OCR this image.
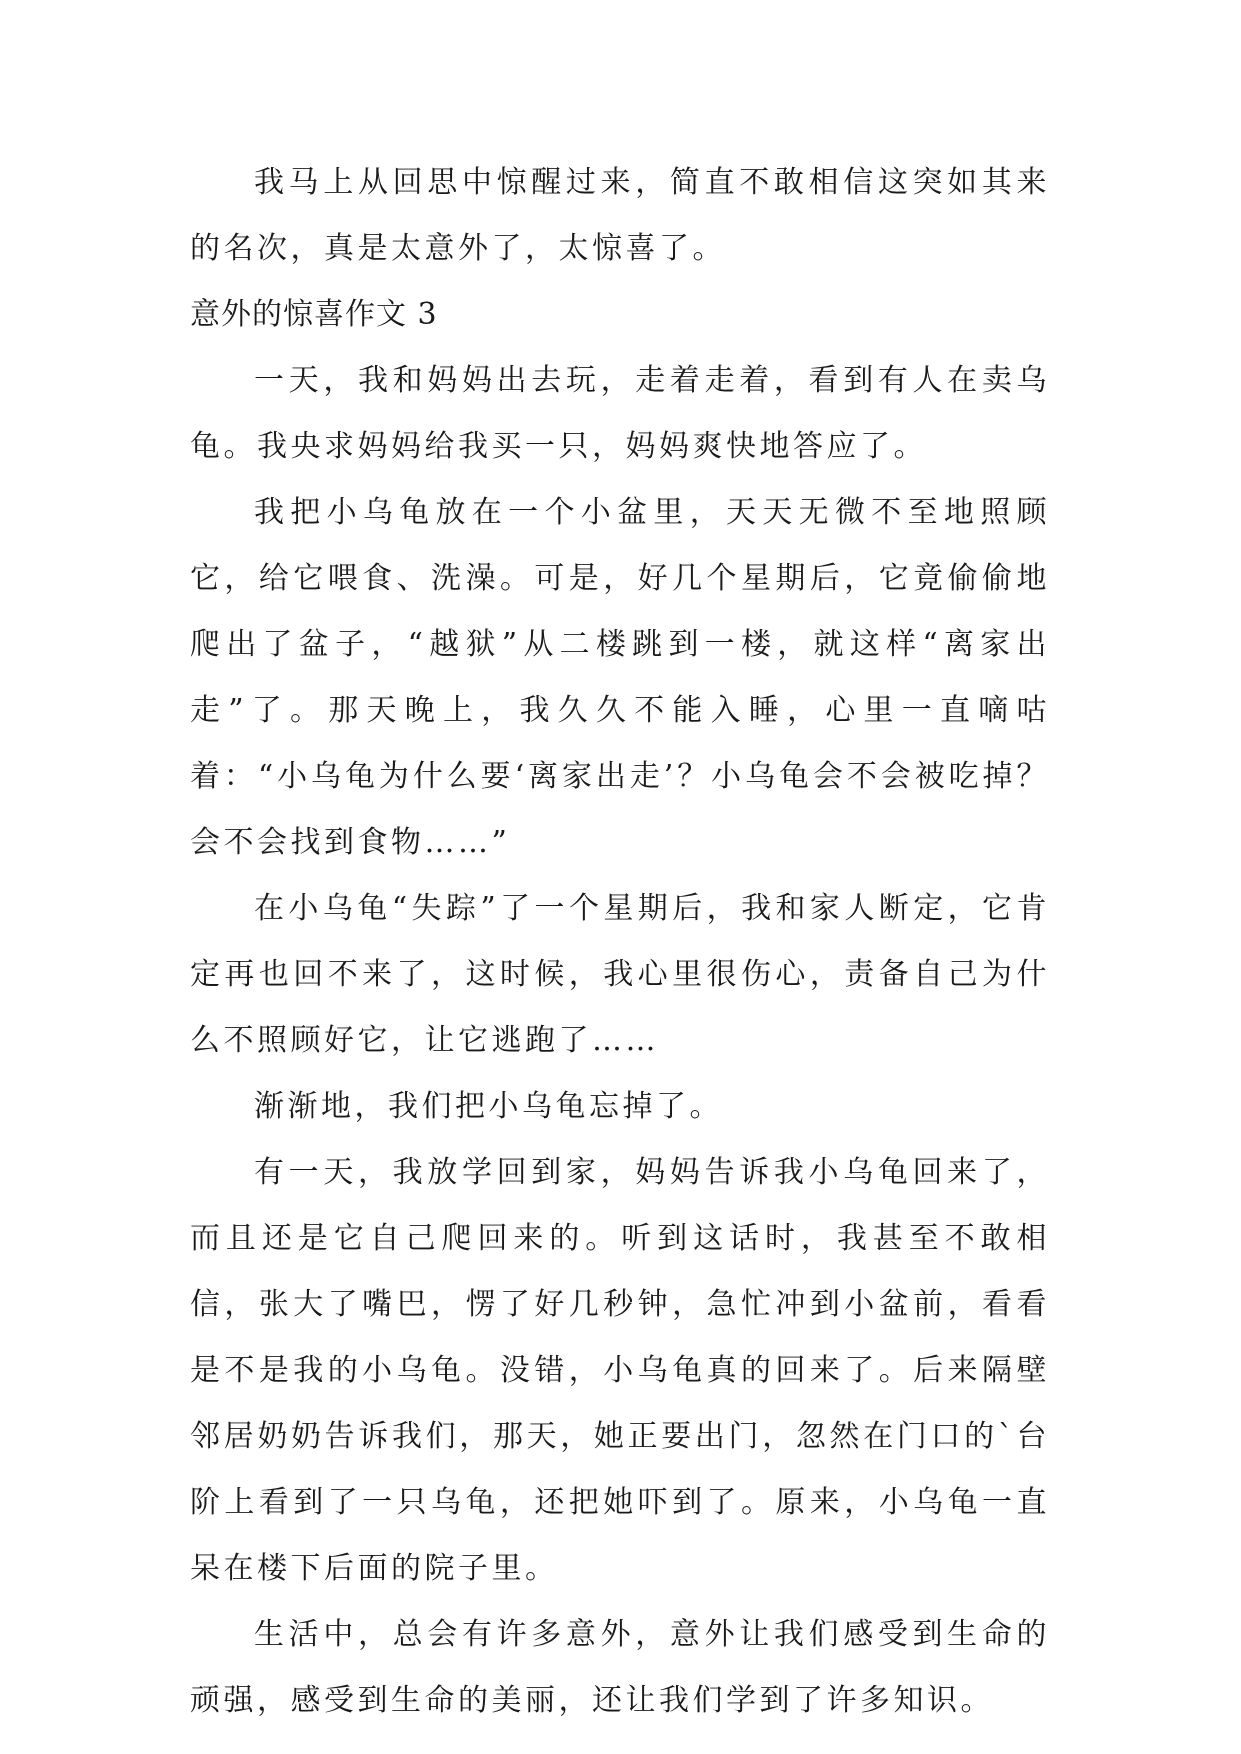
我马上从回思中惊醒过来，简直不敢相信这突如其来的名次，真是太意外了，太惊喜了。

意外的惊喜作文 3

一天，我和妈妈出去玩，走着走着，看到有人在卖乌龟。我央求妈妈给我买一只，妈妈爽快地答应了。

我把小乌龟放在一个小盆里，天天无微不至地照顾它，给它喂食、洗澡。可是，好几个星期后，它竟偷偷地爬出了盆子，“越狱”从二楼跳到一楼，就这样“离家出走”了。那天晚上，我久久不能入睡，心里一直嘀咕着：“小乌龟为什么要‘离家出走’？小乌龟会不会被吃掉？会不会找到食物……”

在小乌龟“失踪”了一个星期后，我和家人断定，它肯定再也回不来了，这时候，我心里很伤心，责备自己为什么不照顾好它，让它逃跑了……

渐渐地，我们把小乌龟忘掉了。

有一天，我放学回到家，妈妈告诉我小乌龟回来了，而且还是它自己爬回来的。听到这话时，我甚至不敢相信，张大了嘴巴，愣了好几秒钟，急忙冲到小盆前，看看是不是我的小乌龟。没错，小乌龟真的回来了。后来隔壁邻居奶奶告诉我们，那天，她正要出门，忽然在门口的`台阶上看到了一只乌龟，还把她吓到了。原来，小乌龟一直呆在楼下后面的院子里。

生活中，总会有许多意外，意外让我们感受到生命的顽强，感受到生命的美丽，还让我们学到了许多知识。
